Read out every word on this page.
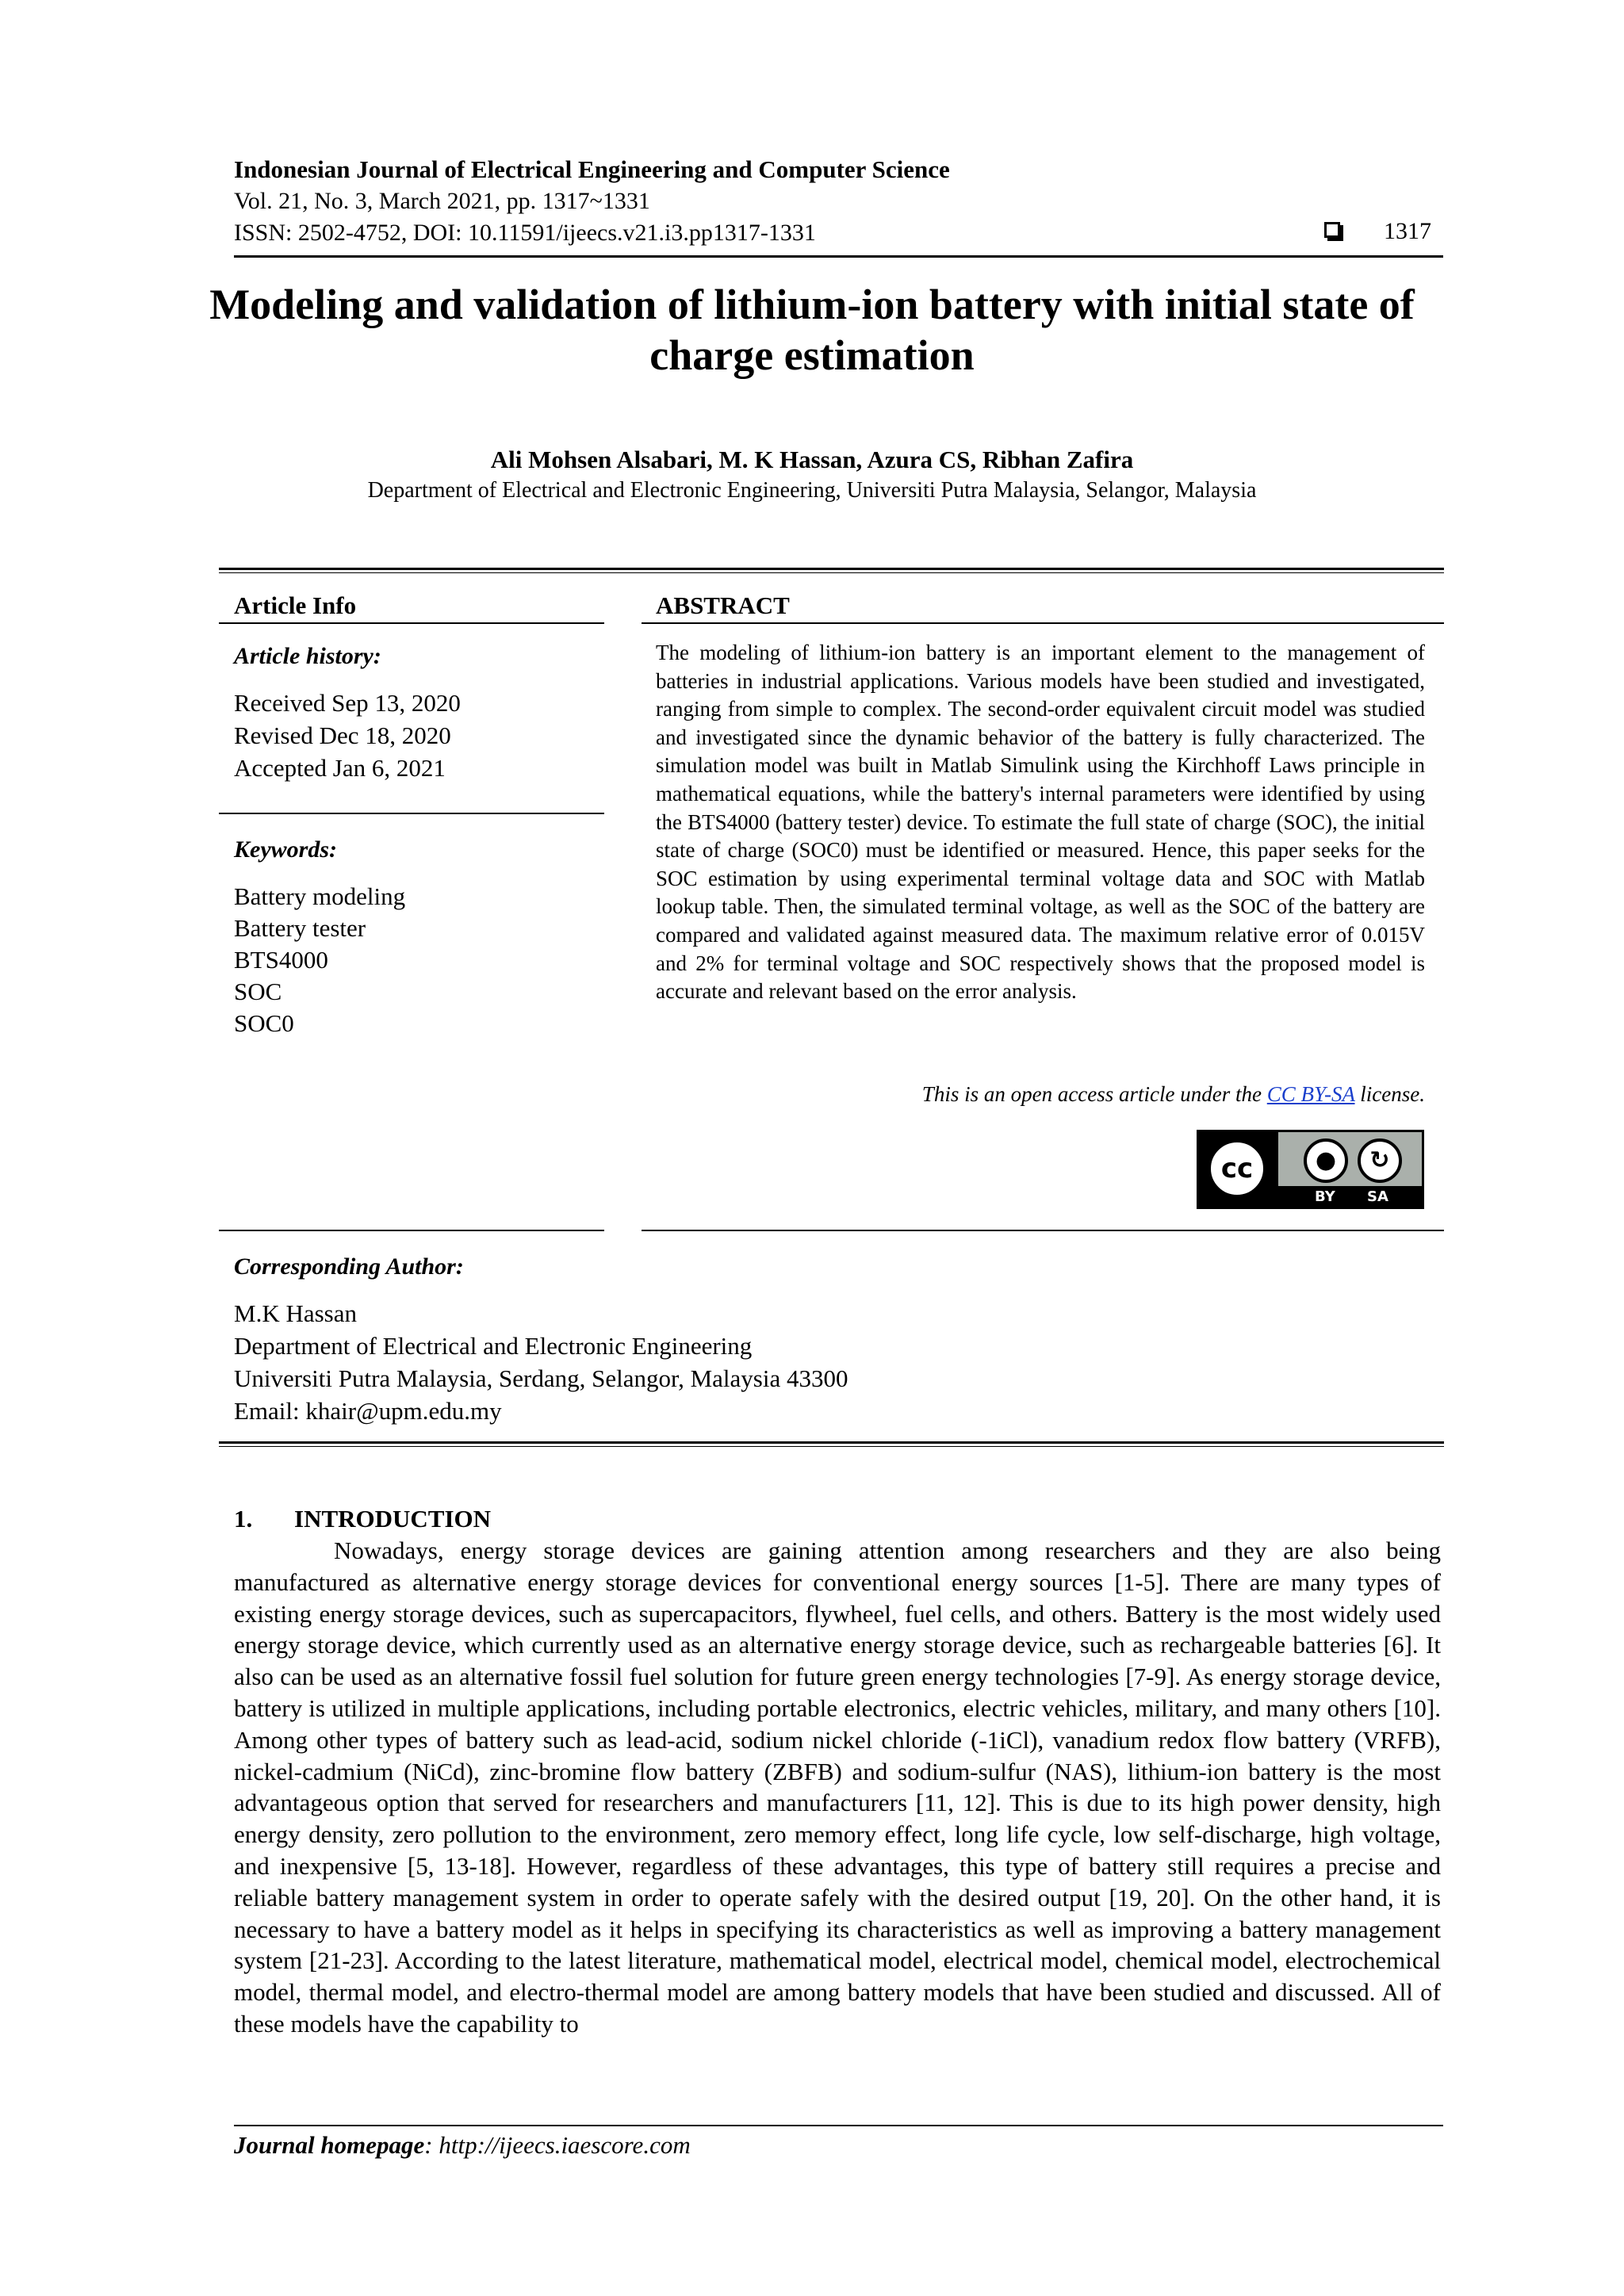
Indonesian Journal of Electrical Engineering and Computer Science
Vol. 21, No. 3, March 2021, pp. 1317~1331
ISSN: 2502-4752, DOI: 10.11591/ijeecs.v21.i3.pp1317-1331	1317
Modeling and validation of lithium-ion battery with initial state of charge estimation
Ali Mohsen Alsabari, M. K Hassan, Azura CS, Ribhan Zafira
Department of Electrical and Electronic Engineering, Universiti Putra Malaysia, Selangor, Malaysia
Article Info
Article history:
Received Sep 13, 2020
Revised Dec 18, 2020
Accepted Jan 6, 2021
Keywords:
Battery modeling
Battery tester
BTS4000
SOC
SOC0
ABSTRACT
The modeling of lithium-ion battery is an important element to the management of batteries in industrial applications. Various models have been studied and investigated, ranging from simple to complex. The second-order equivalent circuit model was studied and investigated since the dynamic behavior of the battery is fully characterized. The simulation model was built in Matlab Simulink using the Kirchhoff Laws principle in mathematical equations, while the battery's internal parameters were identified by using the BTS4000 (battery tester) device. To estimate the full state of charge (SOC), the initial state of charge (SOC0) must be identified or measured. Hence, this paper seeks for the SOC estimation by using experimental terminal voltage data and SOC with Matlab lookup table. Then, the simulated terminal voltage, as well as the SOC of the battery are compared and validated against measured data. The maximum relative error of 0.015V and 2% for terminal voltage and SOC respectively shows that the proposed model is accurate and relevant based on the error analysis.
This is an open access article under the CC BY-SA license.
cc	●	↻
BY SA
Corresponding Author:
M.K Hassan
Department of Electrical and Electronic Engineering
Universiti Putra Malaysia, Serdang, Selangor, Malaysia 43300
Email: khair@upm.edu.my
1. INTRODUCTION
Nowadays, energy storage devices are gaining attention among researchers and they are also being manufactured as alternative energy storage devices for conventional energy sources [1-5]. There are many types of existing energy storage devices, such as supercapacitors, flywheel, fuel cells, and others. Battery is the most widely used energy storage device, which currently used as an alternative energy storage device, such as rechargeable batteries [6]. It also can be used as an alternative fossil fuel solution for future green energy technologies [7-9]. As energy storage device, battery is utilized in multiple applications, including portable electronics, electric vehicles, military, and many others [10]. Among other types of battery such as lead-acid, sodium nickel chloride (-1iCl), vanadium redox flow battery (VRFB), nickel-cadmium (NiCd), zinc-bromine flow battery (ZBFB) and sodium-sulfur (NAS), lithium-ion battery is the most advantageous option that served for researchers and manufacturers [11, 12]. This is due to its high power density, high energy density, zero pollution to the environment, zero memory effect, long life cycle, low self-discharge, high voltage, and inexpensive [5, 13-18]. However, regardless of these advantages, this type of battery still requires a precise and reliable battery management system in order to operate safely with the desired output [19, 20]. On the other hand, it is necessary to have a battery model as it helps in specifying its characteristics as well as improving a battery management system [21-23]. According to the latest literature, mathematical model, electrical model, chemical model, electrochemical model, thermal model, and electro-thermal model are among battery models that have been studied and discussed. All of these models have the capability to
Journal homepage: http://ijeecs.iaescore.com
